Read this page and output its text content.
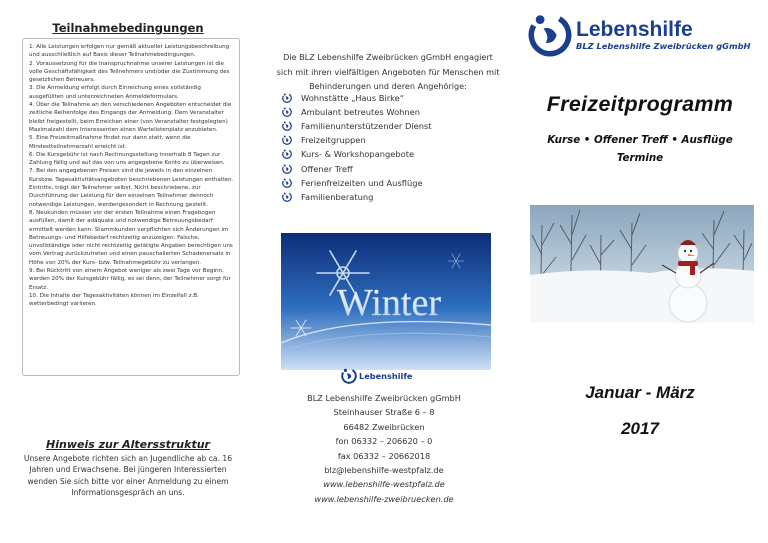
Teilnahmebedingungen

1. Alle Leistungen erfolgen nur gemäß aktueller Leistungsbeschreibung und ausschließlich auf Basis dieser Teilnahmebedingungen.
2. Voraussetzung für die Inanspruchnahme unserer Leistungen ist die volle Geschäftsfähigkeit des Teilnehmers und/oder die Zustimmung des gesetzlichen Betreuers.
3. Die Anmeldung erfolgt durch Einreichung eines vollständig ausgefüllten und unterzeichneten Anmeldeformulars.
4. Über die Teilnahme an den verschiedenen Angeboten entscheidet die zeitliche Reihenfolge des Eingangs der Anmeldung. Dem Veranstalter bleibt freigestellt, beim Erreichen einer (von Veranstalter festgelegten) Maximalzahl dem Interessenten einen Wartelistenplatz anzubieten.
5. Eine Freizeitmaßnahme findet nur dann statt, wenn die Mindestteilnehmerzahl erreicht ist.
6. Die Kursgebühr ist nach Rechnungsstellung innerhalb 8 Tagen zur Zahlung fällig und auf das von uns angegebene Konto zu überweisen.
7. Bei den angegebenen Preisen sind die jeweils in den einzelnen Kursbzw. Tagesaktivitätsangeboten beschriebenen Leistungen enthalten. Eintritte, trägt der Teilnehmer selbst. Nicht beschriebene, zur Durchführung der Leistung für den einzelnen Teilnehmer dennoch notwendige Leistungen, werdengesondert in Rechnung gestellt.
8. Neukunden müssen vor der ersten Teilnahme einen Fragebogen ausfüllen, damit der adäquate und notwendige Betreuungsbedarf ermittelt werden kann. Stammkunden verpflichten sich Änderungen im Betreuungs- und Hilfebedarf rechtzeitig anzuzeigen. Falsche, unvollständige oder nicht rechtzeitig getätigte Angaben berechtigen uns vom Vertrag zurückzutreten und einen pauschalierten Schadenersatz in Höhe von 20% der Kurs- bzw. Teilnahmegebühr zu verlangen.
9. Bei Rücktritt von einem Angebot weniger als zwei Tage vor Beginn, werden 20% der Kursgebühr fällig, es sei denn, der Teilnehmer sorgt für Ersatz.
10. Die Inhalte der Tagesaktivitäten können im Einzelfall z.B. wetterbedingt variieren.

Hinweis zur Altersstruktur
Unsere Angebote richten sich an Jugendliche ab ca. 16 Jahren und Erwachsene. Bei jüngeren Interessierten wenden Sie sich bitte vor einer Anmeldung zu einem Informationsgespräch an uns.
Die BLZ Lebenshilfe Zweibrücken gGmbH engagiert sich mit ihren vielfältigen Angeboten für Menschen mit Behinderungen und deren Angehörige:
Wohnstätte „Haus Birke“
Ambulant betreutes Wohnen
Familienunterstützender Dienst
Freizeitgruppen
Kurs- & Workshopangebote
Offener Treff
Ferienfreizeiten und Ausflüge
Familienberatung
Winter
Lebenshilfe
BLZ Lebenshilfe Zweibrücken gGmbH
Steinhauser Straße 6 – 8
66482 Zweibrücken
fon 06332 – 206620 – 0
fax 06332 – 20662018
blz@lebenshilfe-westpfalz.de
www.lebenshilfe-westpfalz.de
www.lebenshilfe-zweibruecken.de
Lebenshilfe
BLZ Lebenshilfe Zweibrücken gGmbH
Freizeitprogramm
Kurse • Offener Treff • Ausflüge
Termine
Januar - März
2017
